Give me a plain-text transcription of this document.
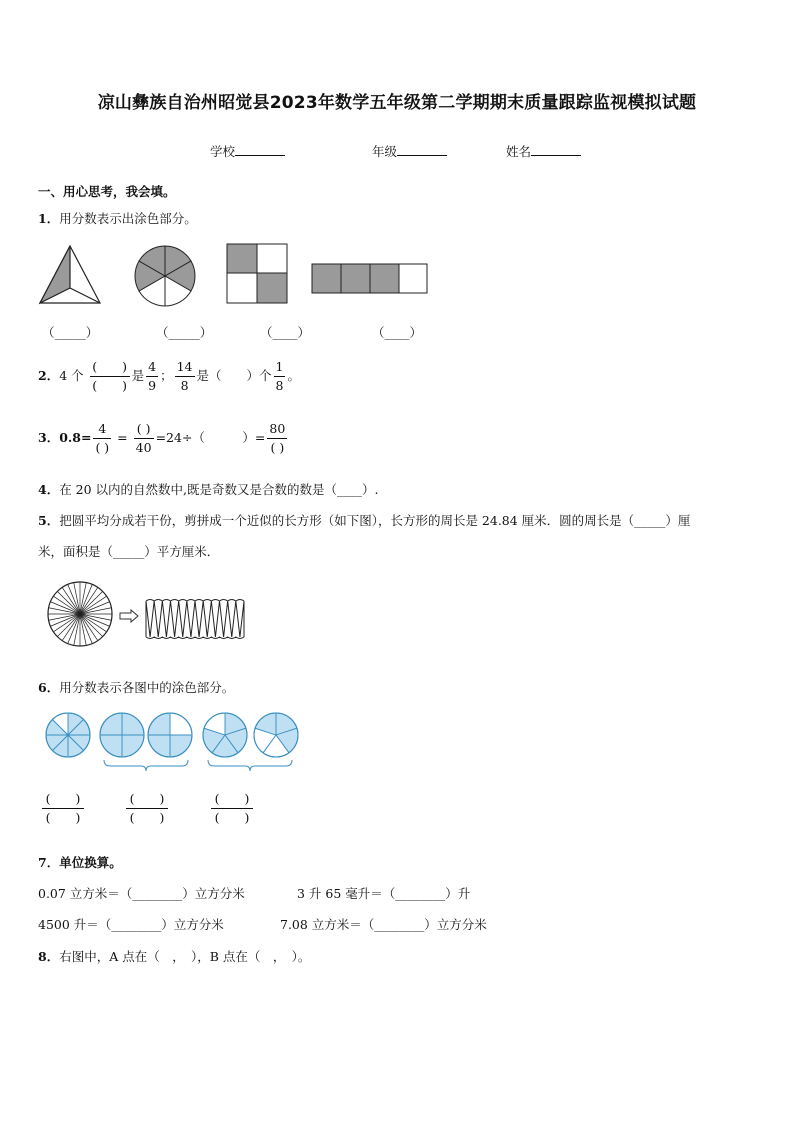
凉山彝族自治州昭觉县2023年数学五年级第二学期期末质量跟踪监视模拟试题
学校	年级	姓名
一、用心思考，我会填。
1．用分数表示出涂色部分。
（_____）	（_____）	（____）	（____）
2．4 个 $\frac{( )}{( )}$ 是 $\frac{4}{9}$ ； $\frac{14}{8}$ 是（　　）个 $\frac{1}{8}$ 。
3．$0.8= \frac{4}{( )} = \frac{( )}{40} =24\div$（　　　）= $\frac{80}{( )}$
4．在 20 以内的自然数中,既是奇数又是合数的数是（____）.
5．把圆平均分成若干份，剪拼成一个近似的长方形（如下图），长方形的周长是 24.84 厘米．圆的周长是（_____）厘
米，面积是（_____）平方厘米．
6．用分数表示各图中的涂色部分。
$\frac{( )}{( )}$	$\frac{( )}{( )}$	$\frac{( )}{( )}$
7．单位换算。
0.07 立方米＝（________）立方分米	3 升 65 毫升＝（________）升
4500 升＝（________）立方分米	7.08 立方米＝（________）立方分米
8．右图中，A 点在（　，　），B 点在（　，　）。
